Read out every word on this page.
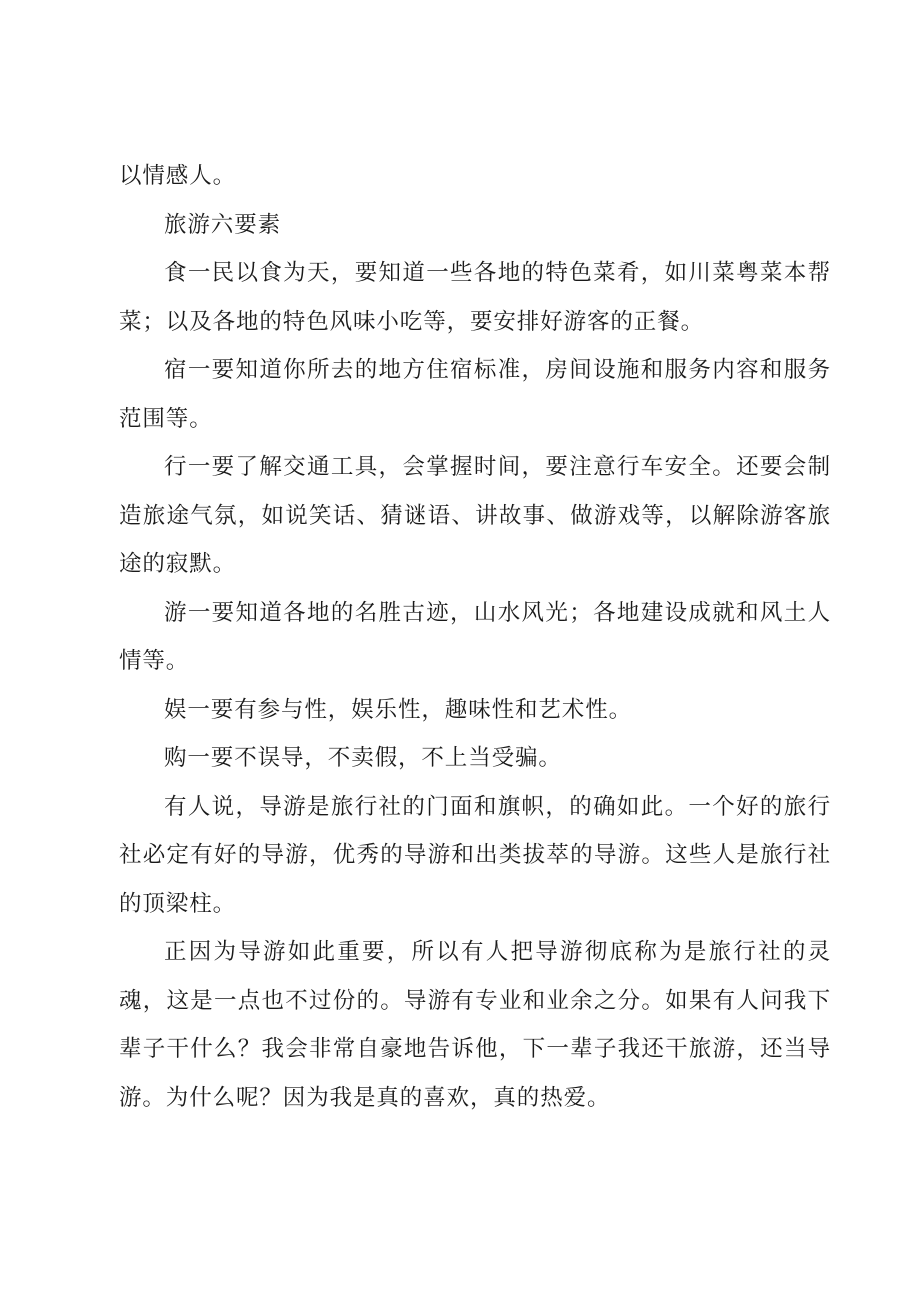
以情感人。

旅游六要素

食一民以食为天，要知道一些各地的特色菜肴，如川菜粤菜本帮菜；以及各地的特色风味小吃等，要安排好游客的正餐。

宿一要知道你所去的地方住宿标准，房间设施和服务内容和服务范围等。

行一要了解交通工具，会掌握时间，要注意行车安全。还要会制造旅途气氛，如说笑话、猜谜语、讲故事、做游戏等，以解除游客旅途的寂默。

游一要知道各地的名胜古迹，山水风光；各地建设成就和风土人情等。

娱一要有参与性，娱乐性，趣味性和艺术性。

购一要不误导，不卖假，不上当受骗。

有人说，导游是旅行社的门面和旗帜，的确如此。一个好的旅行社必定有好的导游，优秀的导游和出类拔萃的导游。这些人是旅行社的顶梁柱。

正因为导游如此重要，所以有人把导游彻底称为是旅行社的灵魂，这是一点也不过份的。导游有专业和业余之分。如果有人问我下辈子干什么？我会非常自豪地告诉他，下一辈子我还干旅游，还当导游。为什么呢？因为我是真的喜欢，真的热爱。
